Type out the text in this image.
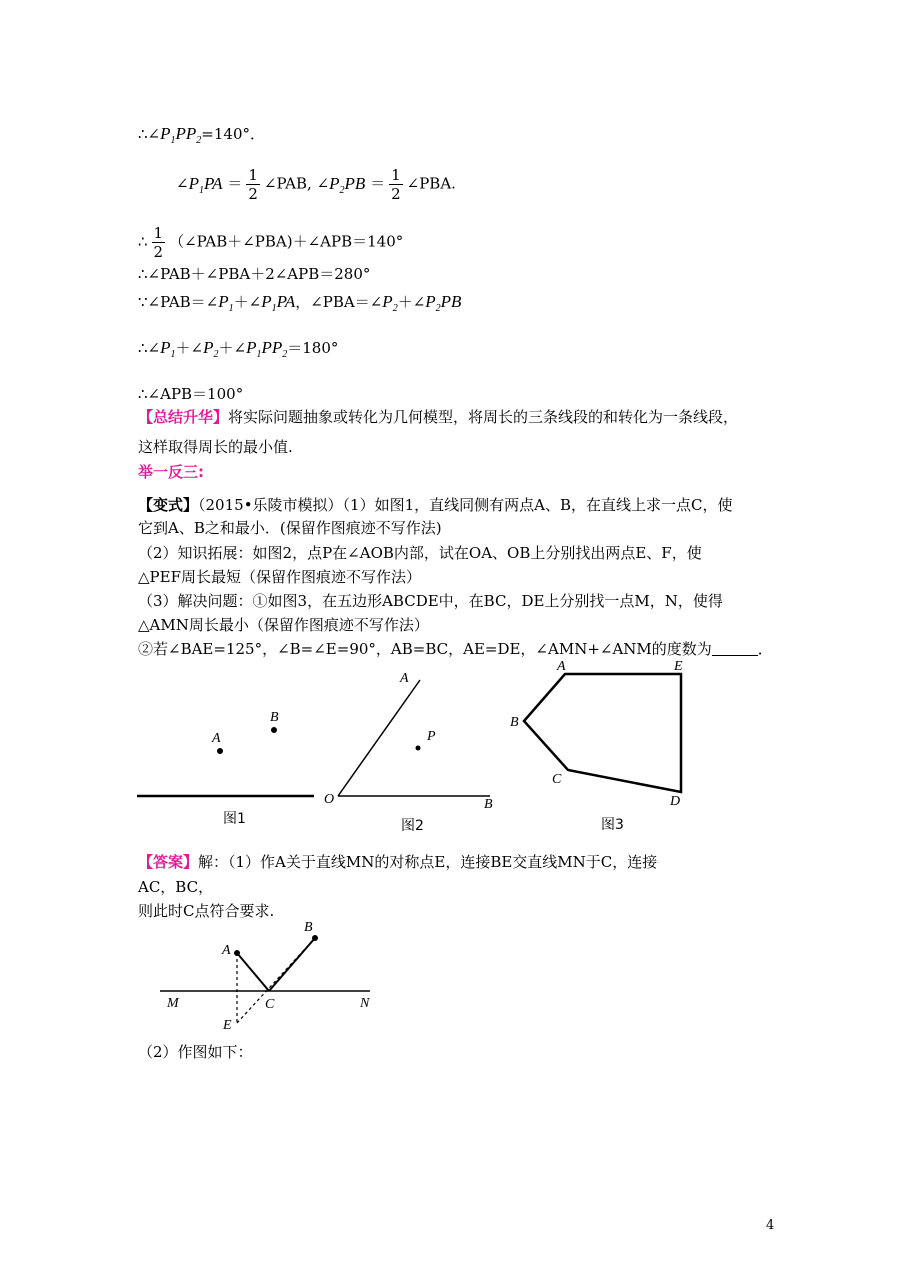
$\therefore\angle P_1PP_2=140^\circ$．
$\angle P_1PA = \frac{1}{2}$ ∠PAB, $\angle P_2PB = \frac{1}{2}$ ∠PBA.
∴ $\frac{1}{2}$ （∠PAB＋∠PBA)＋∠APB＝140°
∴∠PAB＋∠PBA＋2∠APB＝280°
$\because\angle PAB=\angle P_1+\angle P_1PA$，$\angle PBA=\angle P_2+\angle P_2PB$
$\therefore\angle P_1+\angle P_2+\angle P_1PP_2=180^\circ$
∴∠APB＝100°
【总结升华】将实际问题抽象或转化为几何模型，将周长的三条线段的和转化为一条线段，
这样取得周长的最小值.
举一反三:
【变式】（2015•乐陵市模拟）（1）如图1，直线同侧有两点A、B，在直线上求一点C，使
它到A、B之和最小．(保留作图痕迹不写作法)
（2）知识拓展：如图2，点P在∠AOB内部，试在OA、OB上分别找出两点E、F，使
△PEF周长最短（保留作图痕迹不写作法）
（3）解决问题：①如图3，在五边形ABCDE中，在BC，DE上分别找一点M，N，使得
△AMN周长最小（保留作图痕迹不写作法）
②若∠BAE=125°，∠B=∠E=90°，AB=BC，AE=DE，∠AMN+∠ANM的度数为	．
A
B
P
A
O	B
A	E
B
C
D
图1	图2	图3
【答案】解：（1）作A关于直线MN的对称点E，连接BE交直线MN于C，连接
AC，BC，
则此时C点符合要求.
A
B
C
M	N
E
（2）作图如下：
4
